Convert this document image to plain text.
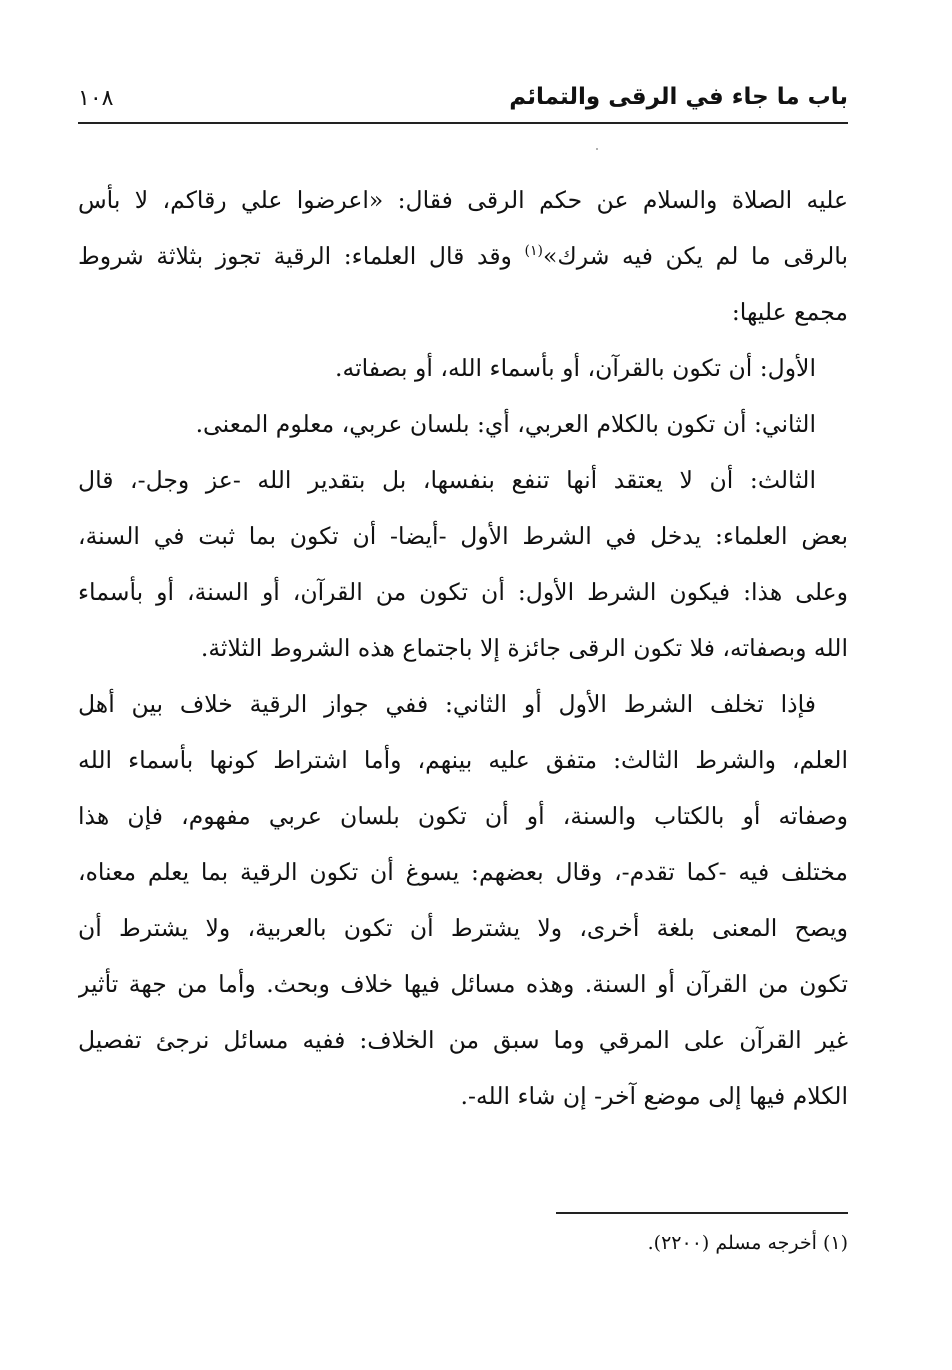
باب ما جاء في الرقى والتمائم
١٠٨
عليه الصلاة والسلام عن حكم الرقى فقال: «اعرضوا علي رقاكم، لا بأس
بالرقى ما لم يكن فيه شرك»$^{(١)}$ وقد قال العلماء: الرقية تجوز بثلاثة شروط
مجمع عليها:
الأول: أن تكون بالقرآن، أو بأسماء الله، أو بصفاته.
الثاني: أن تكون بالكلام العربي، أي: بلسان عربي، معلوم المعنى.
الثالث: أن لا يعتقد أنها تنفع بنفسها، بل بتقدير الله -عز وجل-، قال
بعض العلماء: يدخل في الشرط الأول -أيضا- أن تكون بما ثبت في السنة،
وعلى هذا: فيكون الشرط الأول: أن تكون من القرآن، أو السنة، أو بأسماء
الله وبصفاته، فلا تكون الرقى جائزة إلا باجتماع هذه الشروط الثلاثة.
فإذا تخلف الشرط الأول أو الثاني: ففي جواز الرقية خلاف بين أهل
العلم، والشرط الثالث: متفق عليه بينهم، وأما اشتراط كونها بأسماء الله
وصفاته أو بالكتاب والسنة، أو أن تكون بلسان عربي مفهوم، فإن هذا
مختلف فيه -كما تقدم-، وقال بعضهم: يسوغ أن تكون الرقية بما يعلم معناه،
ويصح المعنى بلغة أخرى، ولا يشترط أن تكون بالعربية، ولا يشترط أن
تكون من القرآن أو السنة. وهذه مسائل فيها خلاف وبحث. وأما من جهة تأثير
غير القرآن على المرقي وما سبق من الخلاف: ففيه مسائل نرجئ تفصيل
الكلام فيها إلى موضع آخر- إن شاء الله-.
(١) أخرجه مسلم (٢٢٠٠).
